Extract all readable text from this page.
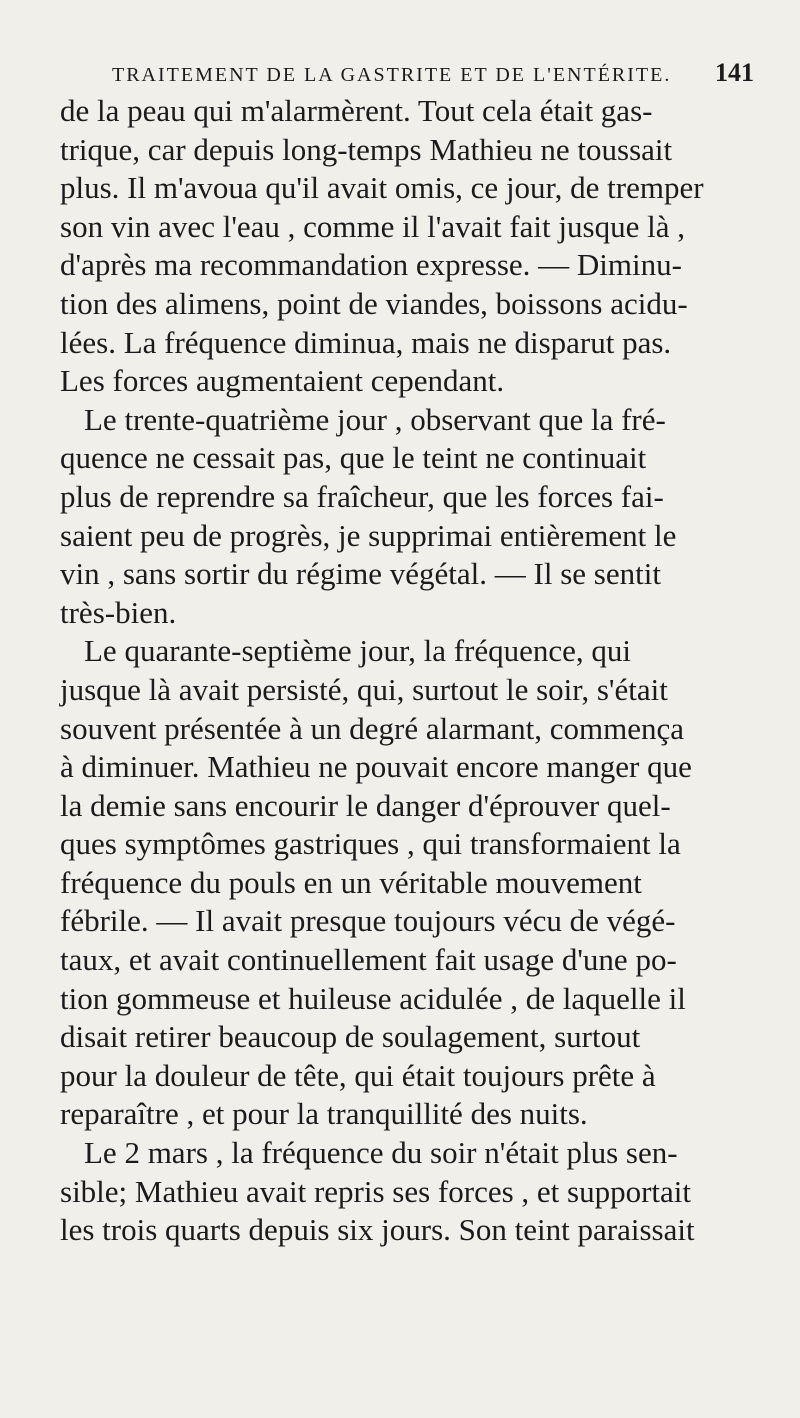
TRAITEMENT DE LA GASTRITE ET DE L'ENTÉRITE.	141
de la peau qui m'alarmèrent. Tout cela était gas-
trique, car depuis long-temps Mathieu ne toussait
plus. Il m'avoua qu'il avait omis, ce jour, de tremper
son vin avec l'eau , comme il l'avait fait jusque là ,
d'après ma recommandation expresse. — Diminu-
tion des alimens, point de viandes, boissons acidu-
lées. La fréquence diminua, mais ne disparut pas.
Les forces augmentaient cependant.
Le trente-quatrième jour , observant que la fré-
quence ne cessait pas, que le teint ne continuait
plus de reprendre sa fraîcheur, que les forces fai-
saient peu de progrès, je supprimai entièrement le
vin , sans sortir du régime végétal. — Il se sentit
très-bien.
Le quarante-septième jour, la fréquence, qui
jusque là avait persisté, qui, surtout le soir, s'était
souvent présentée à un degré alarmant, commença
à diminuer. Mathieu ne pouvait encore manger que
la demie sans encourir le danger d'éprouver quel-
ques symptômes gastriques , qui transformaient la
fréquence du pouls en un véritable mouvement
fébrile. — Il avait presque toujours vécu de végé-
taux, et avait continuellement fait usage d'une po-
tion gommeuse et huileuse acidulée , de laquelle il
disait retirer beaucoup de soulagement, surtout
pour la douleur de tête, qui était toujours prête à
reparaître , et pour la tranquillité des nuits.
Le 2 mars , la fréquence du soir n'était plus sen-
sible; Mathieu avait repris ses forces , et supportait
les trois quarts depuis six jours. Son teint paraissait
